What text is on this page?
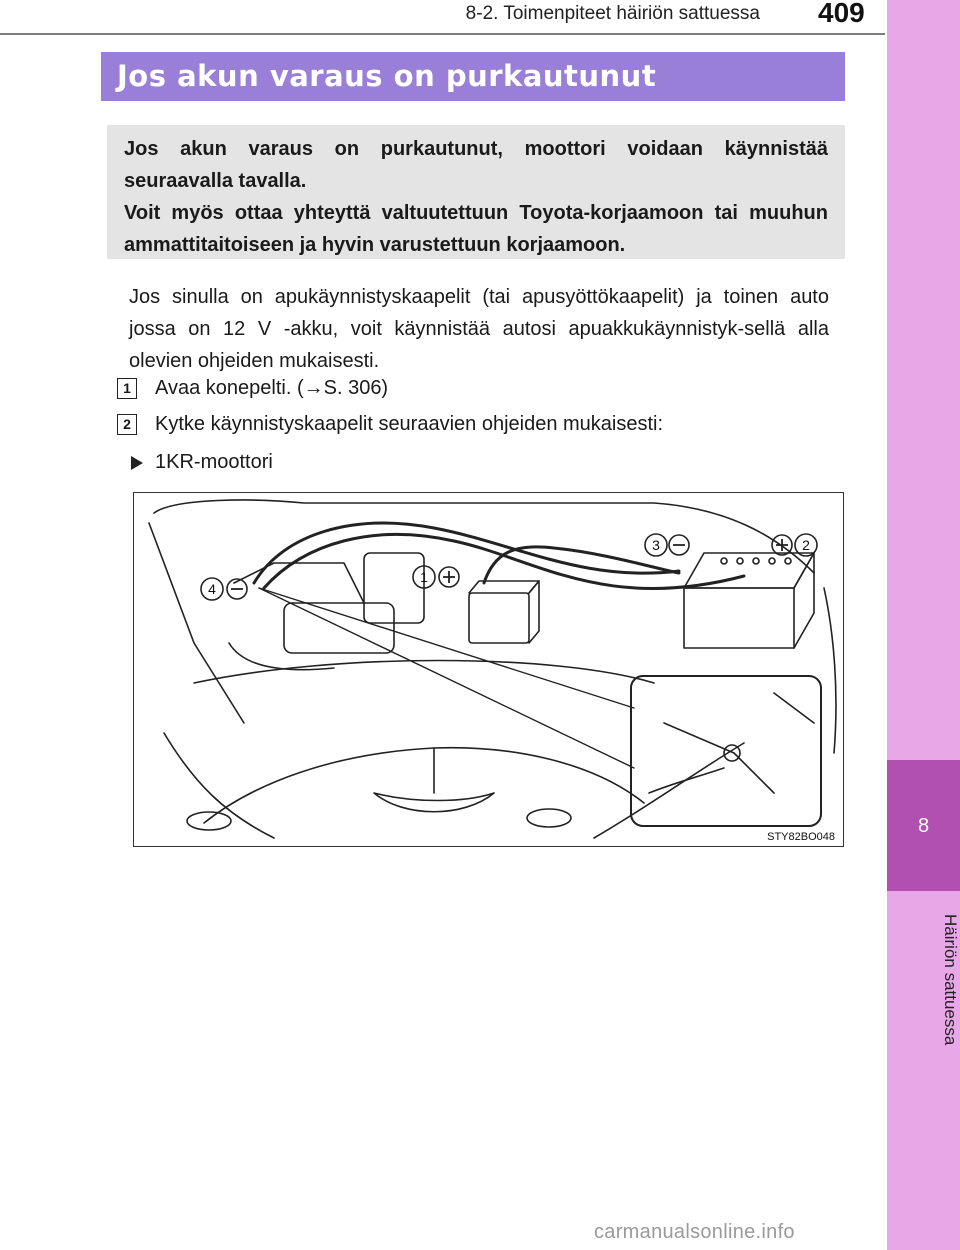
8-2. Toimenpiteet häiriön sattuessa 409
8
Häiriön sattuessa
Jos akun varaus on purkautunut

Jos akun varaus on purkautunut, moottori voidaan käynnistää seuraavalla tavalla.

Voit myös ottaa yhteyttä valtuutettuun Toyota-korjaamoon tai muuhun ammattitaitoiseen ja hyvin varustettuun korjaamoon.

Jos sinulla on apukäynnistyskaapelit (tai apusyöttökaapelit) ja toinen auto jossa on 12 V -akku, voit käynnistää autosi apuakkukäynnistyk-sellä alla olevien ohjeiden mukaisesti.

1	Avaa konepelti. (→S. 306)
2	Kytke käynnistyskaapelit seuraavien ohjeiden mukaisesti:
1KR-moottori
1
2
3
4
STY82BO048
carmanualsonline.info
